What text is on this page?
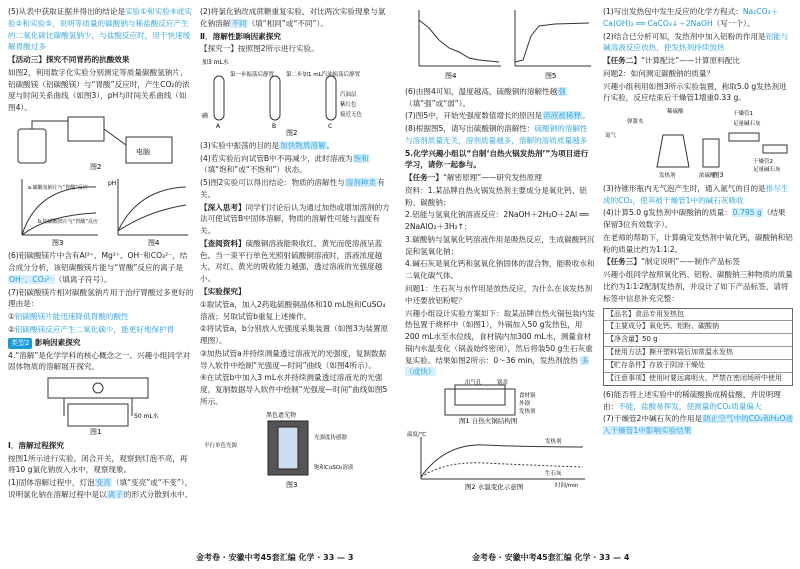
(5)从表中获取证据并得出的结论是实验①和实验④或实验②和实验⑤，说明等质量的碳酸钠与稀盐酸反应产生的二氧化碳比碳酸氢钠少，与盐酸反应时，用于快速缓解胃酸过多

【活动三】探究不同胃药的抗酸效果

如图2，利用数字化实验分别测定等质量碳酸氢钠片、铝碳酸镁（铝碳酸镁）与“胃酸”反应时，产生CO₂的浓度与时间关系曲线（如图3），pH与时间关系曲线（如图4）。

电脑
图2

a.碳酸氢钠片与“胃酸”反应
b.铝碳酸镁片与“胃酸”反应
图3
pH
图4

(6)铝碳酸镁片中含有Al³⁺、Mg²⁺、OH⁻和CO₃²⁻，结合成分分析，该铝碳酸镁片能与“胃酸”反应的离子是 OH⁻、CO₃²⁻（填离子符号）。

(7)铝碳酸镁片相对碳酸氢钠片用于治疗胃酸过多更好的理由是：

①铝碳酸镁片能迅速降低胃酸的酸性

②铝碳酸镁反应产生二氧化碳少，能更好地保护胃

类型2 影响因素探究

4.“溶解”是化学学科的核心概念之一。兴趣小组同学对固体物质的溶解展开探究。

50 mL水
图1

Ⅰ．溶解过程探究

按图1所示进行实验。闭合开关，观察到灯泡不亮，再将10 g氯化钠放入水中，观察现象。

(1)固体溶解过程中，灯泡变亮（填“变亮”或“不变”），说明氯化钠在溶解过程中是以离子的形式分散到水中。

(2)将氯化钠改成蔗糖重复实验，对比两次实验现象与氯化钠溶解不同（填“相同”或“不同”）。

Ⅱ．溶解性影响因素探究

【探究一】按照图2所示进行实验。

加3 mL水
第一步振荡后静置 第二步加1 mL汽油振荡后静置
汽油层
紫红色
接近无色
碘
A	B	C
图2

(3)实验中振荡的目的是加快物质溶解。

(4)若实验后向试管B中不再减少，此时溶液为饱和（填“饱和”或“不饱和”）状态。

(5)图2实验可以得出结论：物质的溶解性与溶剂种类有关。

【深入思考】同学们讨论后认为通过加热或增加溶剂的方法可使试管B中固体溶解，物质的溶解性可能与温度有关。

【查阅资料】硫酸铜溶液能吸收红、黄光而使溶液呈蓝色。当一束平行单色光照射硫酸铜溶液时，溶液浓度越大，对红、黄光的吸收能力越强，透过溶液的光强度越小。

【实验探究】

①取试管a，加入2药匙硫酸铜晶体和10 mL饱和CuSO₄溶液；另取试管b重复上述操作。

②将试管a，b分别放入光强度采集装置（如图3为装置原理图）。

③加热试管a并持续测量透过溶液光的光强度，复制数据导入软件中绘制“光强度—时间”曲线（如图4所示）。

④在试管b中加入3 mL水并持续测量透过溶液光的光强度，复制数据导入软件中绘制“光强度—时间”曲线如图5所示。

黑色遮光物
平行单色光源
光强度传感器
饱和CuSO₄溶液
图3
图4	图5

(6)由图4可知，温度越高，硫酸铜的溶解性越强（填“强”或“弱”）。

(7)图5中，开始光强度数值增长的原因是溶液被稀释。

(8)根据图5，请写出硫酸铜的溶解性：硫酸铜的溶解性与溶剂质量无关，溶剂质量越多，溶解的溶质质量越多

5.化学兴趣小组以“自制‘自热火锅发热剂’”为项目进行学习，请你一起参与。

【任务一】“解密原理”——研究发热原理

资料：1.某品牌自热火锅发热剂主要成分是氧化钙、铝粉、碳酸钠；

2.铝能与氢氧化钠溶液反应：2NaOH＋2H₂O＋2Al ══ 2NaAlO₂＋3H₂↑；

3.碳酸钠与氢氧化钙溶液作用是吸热反应，生成碳酸钙沉淀和氢氧化钠；

4.碱石灰是氧化钙和氢氧化钠固体的混合物，能吸收水和二氧化碳气体。

问题1：生石灰与水作用是放热反应，为什么在该发热剂中还要放铝粉呢？

兴趣小组设计实验方案如下：取某品牌自热火锅包装内发热包置于烧杯中（如图1），外锅加入50 g发热包，用200 mL水至水位线，食材锅内加300 mL水，测量食材锅内水温变化（锅盖始终密闭），然后将装50 g生石灰重复实验。结果如图2所示：0～36 min，发热剂放热 多（或快）

出气孔	锅盖
食材锅
外锅
发热剂
图1 自热火锅结构图

温度/℃
发热剂
生石灰
时间/min
图2 水温变化示意图

(1)写出发热包中发生反应的化学方程式：Na₂CO₃＋Ca(OH)₂ ══ CaCO₃↓＋2NaOH（写一个）。

(2)结合已分析可知，发热剂中加入铝粉的作用是铝能与碱溶液反应放热，使发热剂持续放热

【任务二】“计算配比”——计算原料配比

问题2：如何测定碳酸钠的质量？

兴趣小组利用如图3所示实验装置，称取5.0 g发热剂进行实验，反应结束后干燥管1增重0.33 g。

氮气
弹簧夹
稀硫酸
发热剂	浓硫酸
干燥管1
足量碱石灰
干燥管2
足量碱石灰
图3

(3)待锥形瓶内无气泡产生时，通入氮气的目的是排尽生成的CO₂，使其被干燥管1中的碱石灰吸收

(4)计算5.0 g发热剂中碳酸钠的质量：0.795 g（结果保留3位有效数字）。

在老师的帮助下，计算确定发热剂中氧化钙，碳酸钠和铝粉的质量比约为1∶1∶2。

【任务三】“制定说明”——制作产品标签

兴趣小组同学按照氧化钙、铝粉、碳酸钠三种物质的质量比约为1∶1∶2配制发热剂，并设计了如下产品标签，请将标签中信息补充完整：

【品名】食品专用发热包
【主要成分】氧化钙、铝粉、碳酸钠
【净含量】50 g
【使用方法】撕开塑料袋后加常温水发热
【贮存条件】存放于阴凉干燥处
【注意事项】使用时要远离明火，严禁在密闭场所中使用

(6)能否将上述实验中的稀硫酸换成稀盐酸，并说明理由：不能，盐酸易挥发，使测量的CO₂质量偏大

(7)干燥管2中碱石灰的作用是防止空气中的CO₂和H₂O进入干燥管1中影响实验结果

金考卷 · 安徽中考45套汇编 化学 · 33 — 3	金考卷 · 安徽中考45套汇编 化学 · 33 — 4
